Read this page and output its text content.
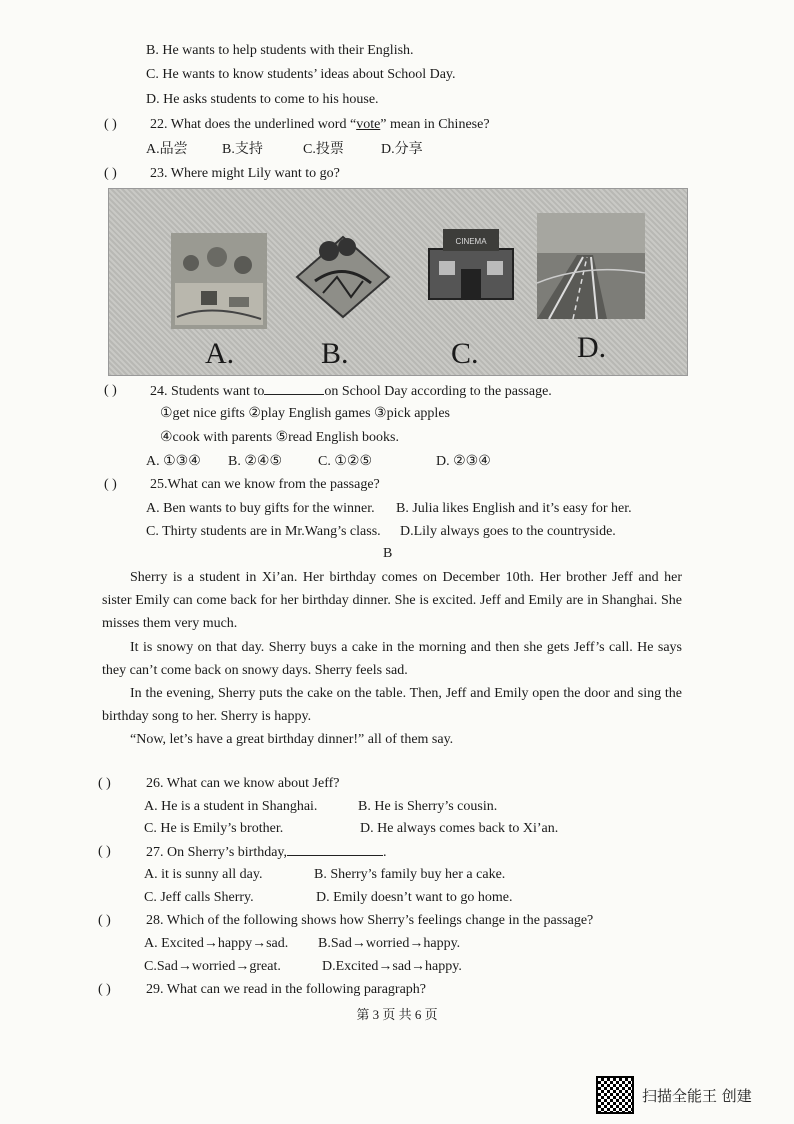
B. He wants to help students with their English.
C. He wants to know students’ ideas about School Day.
D. He asks students to come to his house.
( ) 22. What does the underlined word “vote” mean in Chinese?
A.品尝 B.支持	C.投票	D.分享
( ) 23. Where might Lily want to go?
CINEMA
A.	B.	C.	D.
( ) 24. Students want to	on School Day according to the passage.
①get nice gifts ②play English games ③pick apples
④cook with parents ⑤read English books.
A. ①③④ B. ②④⑤	C. ①②⑤	D. ②③④
( ) 25.What can we know from the passage?
A. Ben wants to buy gifts for the winner. B. Julia likes English and it’s easy for her.
C. Thirty students are in Mr.Wang’s class. D.Lily always goes to the countryside.
B
Sherry is a student in Xi’an. Her birthday comes on December 10th. Her brother Jeff and her sister Emily can come back for her birthday dinner. She is excited. Jeff and Emily are in Shanghai. She misses them very much.
It is snowy on that day. Sherry buys a cake in the morning and then she gets Jeff’s call. He says they can’t come back on snowy days. Sherry feels sad.
In the evening, Sherry puts the cake on the table. Then, Jeff and Emily open the door and sing the birthday song to her. Sherry is happy.
“Now, let’s have a great birthday dinner!” all of them say.
( )	26. What can we know about Jeff?
A. He is a student in Shanghai.	B. He is Sherry’s cousin.
C. He is Emily’s brother.	D. He always comes back to Xi’an.
( )	27. On Sherry’s birthday,	.
A. it is sunny all day.	B. Sherry’s family buy her a cake.
C. Jeff calls Sherry.	D. Emily doesn’t want to go home.
( )	28. Which of the following shows how Sherry’s feelings change in the passage?
A. Excited→happy→sad. B.Sad→worried→happy.
C.Sad→worried→great.	D.Excited→sad→happy.
( )	29. What can we read in the following paragraph?
第 3 页 共 6 页
扫描全能王 创建
